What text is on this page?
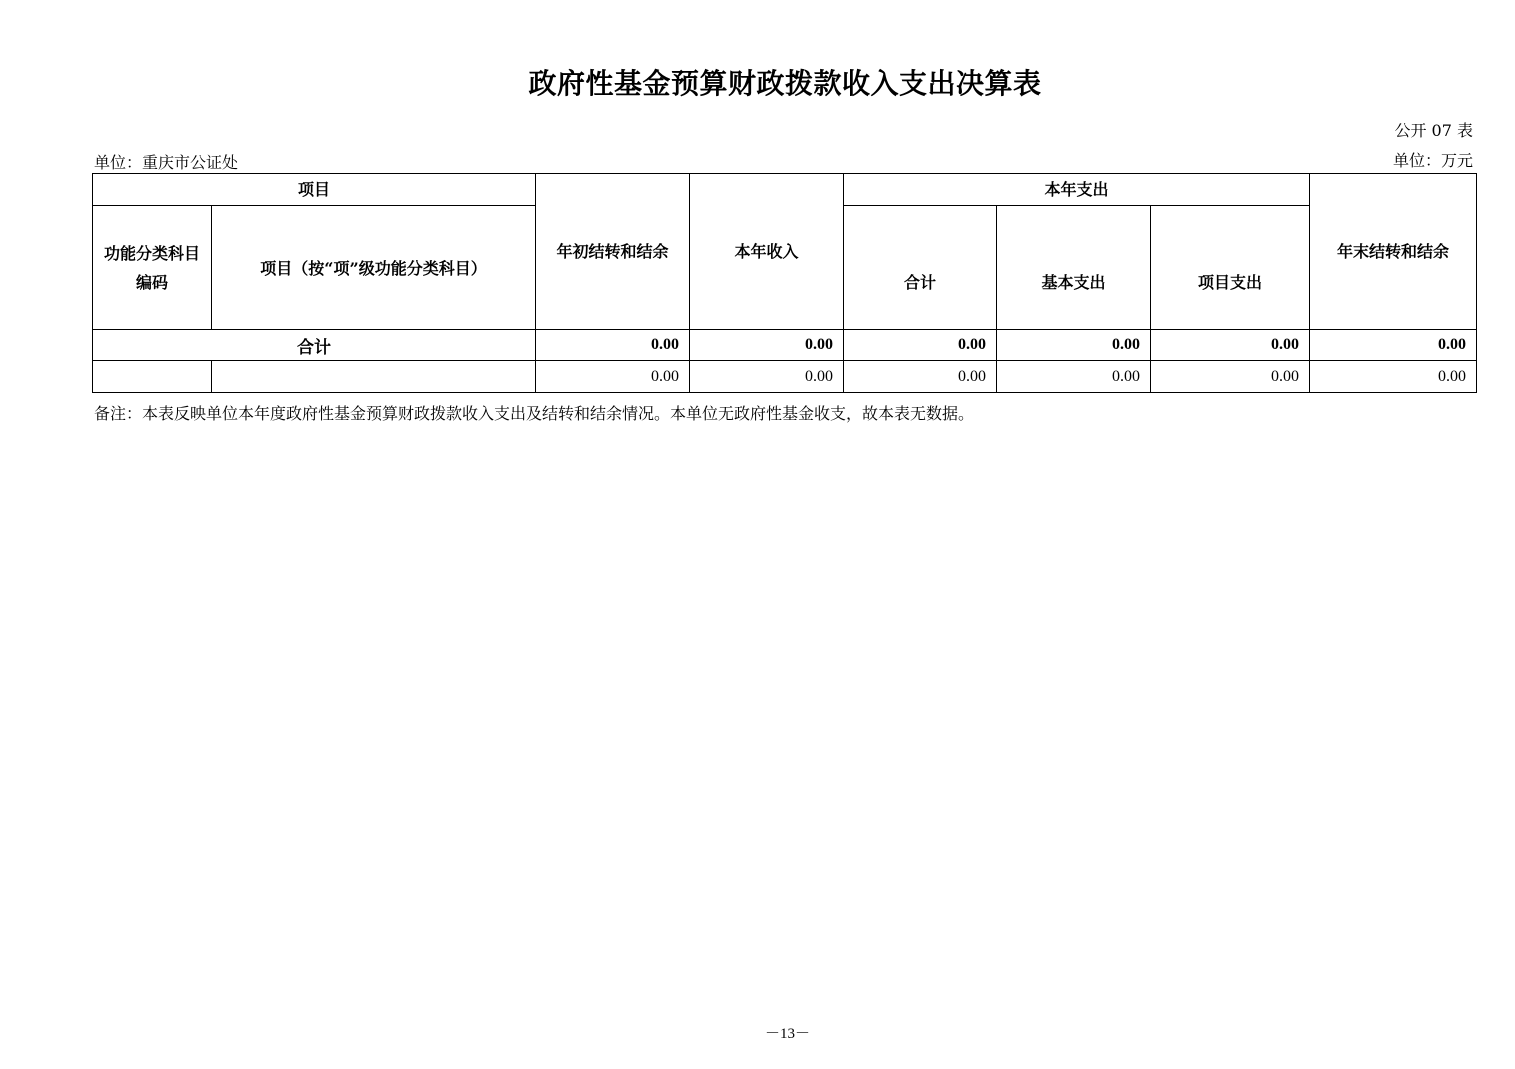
政府性基金预算财政拨款收入支出决算表
公开 07 表
单位：重庆市公证处	单位：万元
项目		年初结转和结余	本年收入	本年支出			年末结转和结余
功能分类科目编码	项目（按“项”级功能分类科目）			合计	基本支出	项目支出	
合计		0.00	0.00	0.00	0.00	0.00	0.00
		0.00	0.00	0.00	0.00	0.00	0.00
备注：本表反映单位本年度政府性基金预算财政拨款收入支出及结转和结余情况。本单位无政府性基金收支，故本表无数据。
－13－
